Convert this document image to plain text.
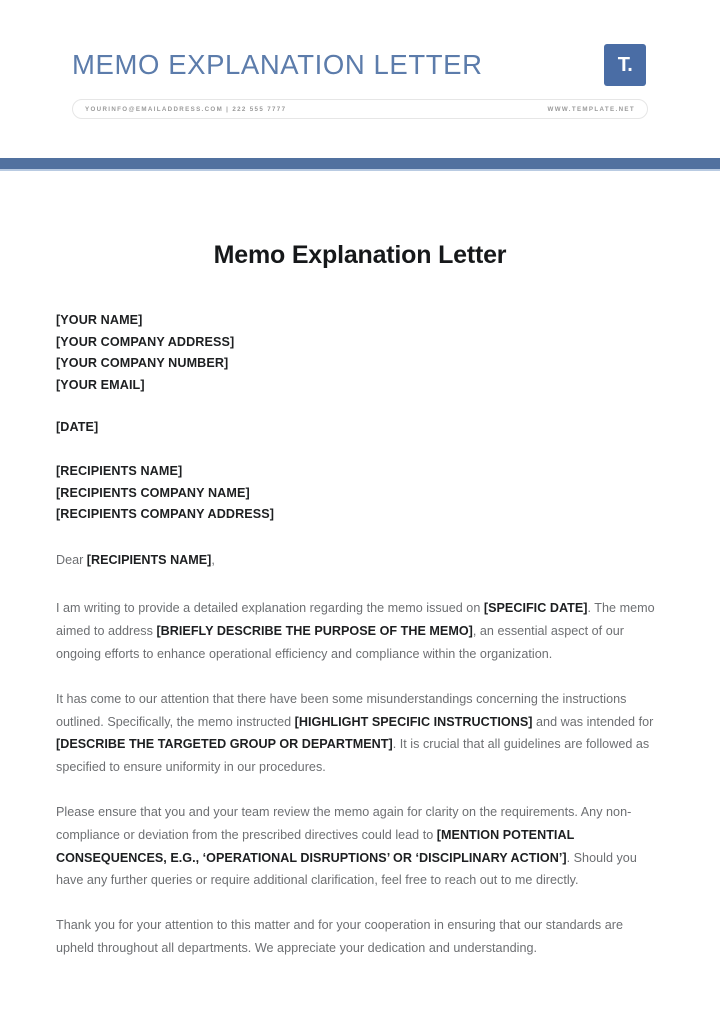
MEMO EXPLANATION LETTER	T.
YOURINFO@EMAILADDRESS.COM | 222 555 7777	WWW.TEMPLATE.NET
Memo Explanation Letter
[YOUR NAME]
[YOUR COMPANY ADDRESS]
[YOUR COMPANY NUMBER]
[YOUR EMAIL]
[DATE]
[RECIPIENTS NAME]
[RECIPIENTS COMPANY NAME]
[RECIPIENTS COMPANY ADDRESS]
Dear [RECIPIENTS NAME],

I am writing to provide a detailed explanation regarding the memo issued on [SPECIFIC DATE]. The memo aimed to address [BRIEFLY DESCRIBE THE PURPOSE OF THE MEMO], an essential aspect of our ongoing efforts to enhance operational efficiency and compliance within the organization.

It has come to our attention that there have been some misunderstandings concerning the instructions outlined. Specifically, the memo instructed [HIGHLIGHT SPECIFIC INSTRUCTIONS] and was intended for [DESCRIBE THE TARGETED GROUP OR DEPARTMENT]. It is crucial that all guidelines are followed as specified to ensure uniformity in our procedures.

Please ensure that you and your team review the memo again for clarity on the requirements. Any non-compliance or deviation from the prescribed directives could lead to [MENTION POTENTIAL CONSEQUENCES, E.G., ‘OPERATIONAL DISRUPTIONS’ OR ‘DISCIPLINARY ACTION’]. Should you have any further queries or require additional clarification, feel free to reach out to me directly.

Thank you for your attention to this matter and for your cooperation in ensuring that our standards are upheld throughout all departments. We appreciate your dedication and understanding.
